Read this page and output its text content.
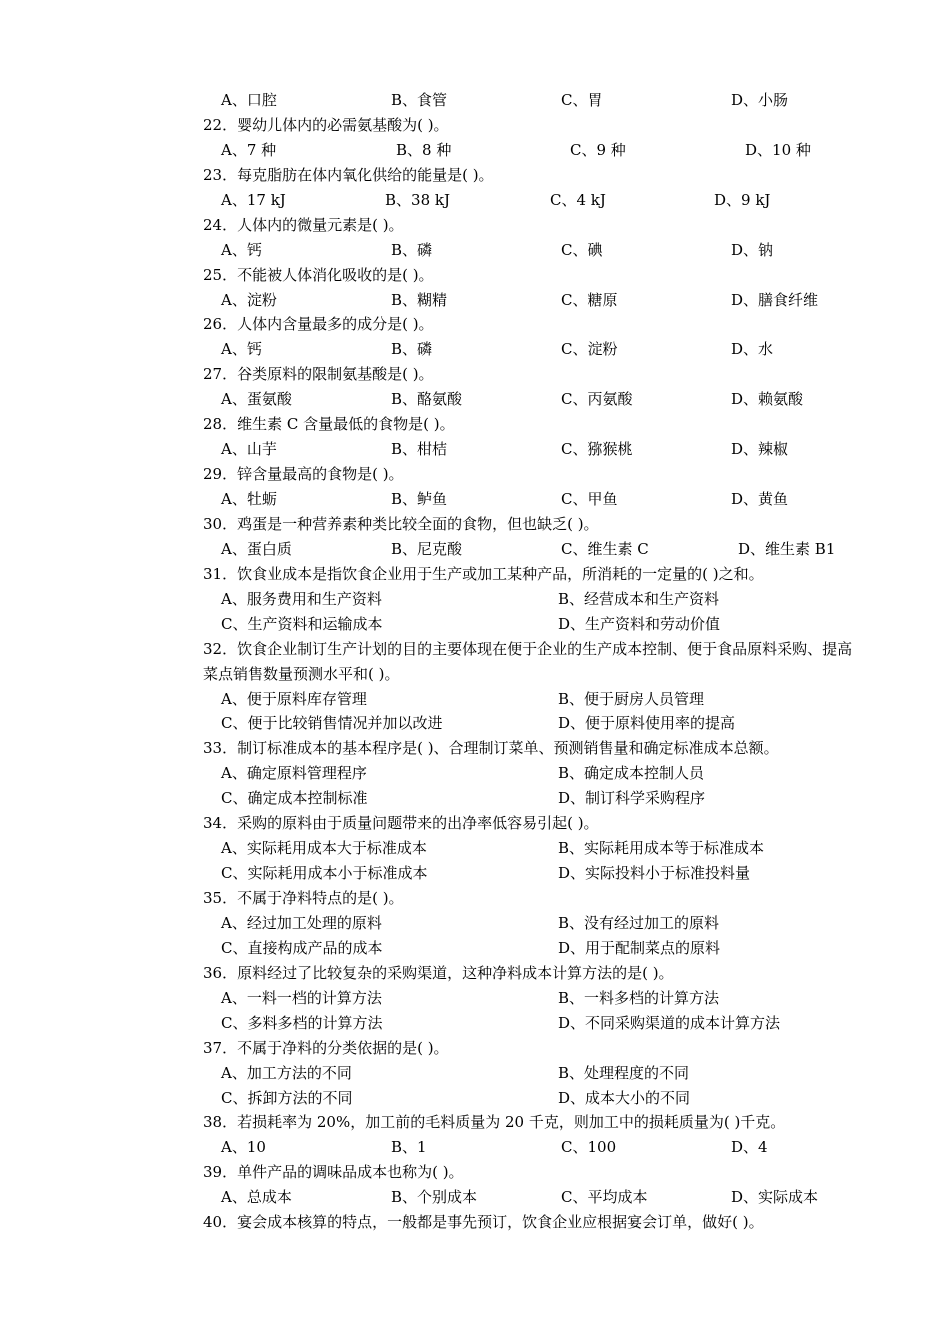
A、口腔	B、食管	C、胃	D、小肠
22．婴幼儿体内的必需氨基酸为( )。
A、7 种	B、8 种	C、9 种	D、10 种
23．每克脂肪在体内氧化供给的能量是( )。
A、17 kJ	B、38 kJ	C、4 kJ	D、9 kJ
24．人体内的微量元素是( )。
A、钙	B、磷	C、碘	D、钠
25．不能被人体消化吸收的是( )。
A、淀粉	B、糊精	C、糖原	D、膳食纤维
26．人体内含量最多的成分是( )。
A、钙	B、磷	C、淀粉	D、水
27．谷类原料的限制氨基酸是( )。
A、蛋氨酸	B、酪氨酸	C、丙氨酸	D、赖氨酸
28．维生素 C 含量最低的食物是( )。
A、山芋	B、柑桔	C、猕猴桃	D、辣椒
29．锌含量最高的食物是( )。
A、牡蛎	B、鲈鱼	C、甲鱼	D、黄鱼
30．鸡蛋是一种营养素种类比较全面的食物，但也缺乏( )。
A、蛋白质	B、尼克酸	C、维生素 C	D、维生素 B1
31．饮食业成本是指饮食企业用于生产或加工某种产品，所消耗的一定量的( )之和。
A、服务费用和生产资料	B、经营成本和生产资料
C、生产资料和运输成本	D、生产资料和劳动价值
32．饮食企业制订生产计划的目的主要体现在便于企业的生产成本控制、便于食品原料采购、提高菜点销售数量预测水平和( )。
A、便于原料库存管理	B、便于厨房人员管理
C、便于比较销售情况并加以改进	D、便于原料使用率的提高
33．制订标准成本的基本程序是( )、合理制订菜单、预测销售量和确定标准成本总额。
A、确定原料管理程序	B、确定成本控制人员
C、确定成本控制标准	D、制订科学采购程序
34．采购的原料由于质量问题带来的出净率低容易引起( )。
A、实际耗用成本大于标准成本	B、实际耗用成本等于标准成本
C、实际耗用成本小于标准成本	D、实际投料小于标准投料量
35．不属于净料特点的是( )。
A、经过加工处理的原料	B、没有经过加工的原料
C、直接构成产品的成本	D、用于配制菜点的原料
36．原料经过了比较复杂的采购渠道，这种净料成本计算方法的是( )。
A、一料一档的计算方法	B、一料多档的计算方法
C、多料多档的计算方法	D、不同采购渠道的成本计算方法
37．不属于净料的分类依据的是( )。
A、加工方法的不同	B、处理程度的不同
C、拆卸方法的不同	D、成本大小的不同
38．若损耗率为 20%，加工前的毛料质量为 20 千克，则加工中的损耗质量为( )千克。
A、10	B、1	C、100	D、4
39．单件产品的调味品成本也称为( )。
A、总成本	B、个别成本	C、平均成本	D、实际成本
40．宴会成本核算的特点，一般都是事先预订，饮食企业应根据宴会订单，做好( )。
